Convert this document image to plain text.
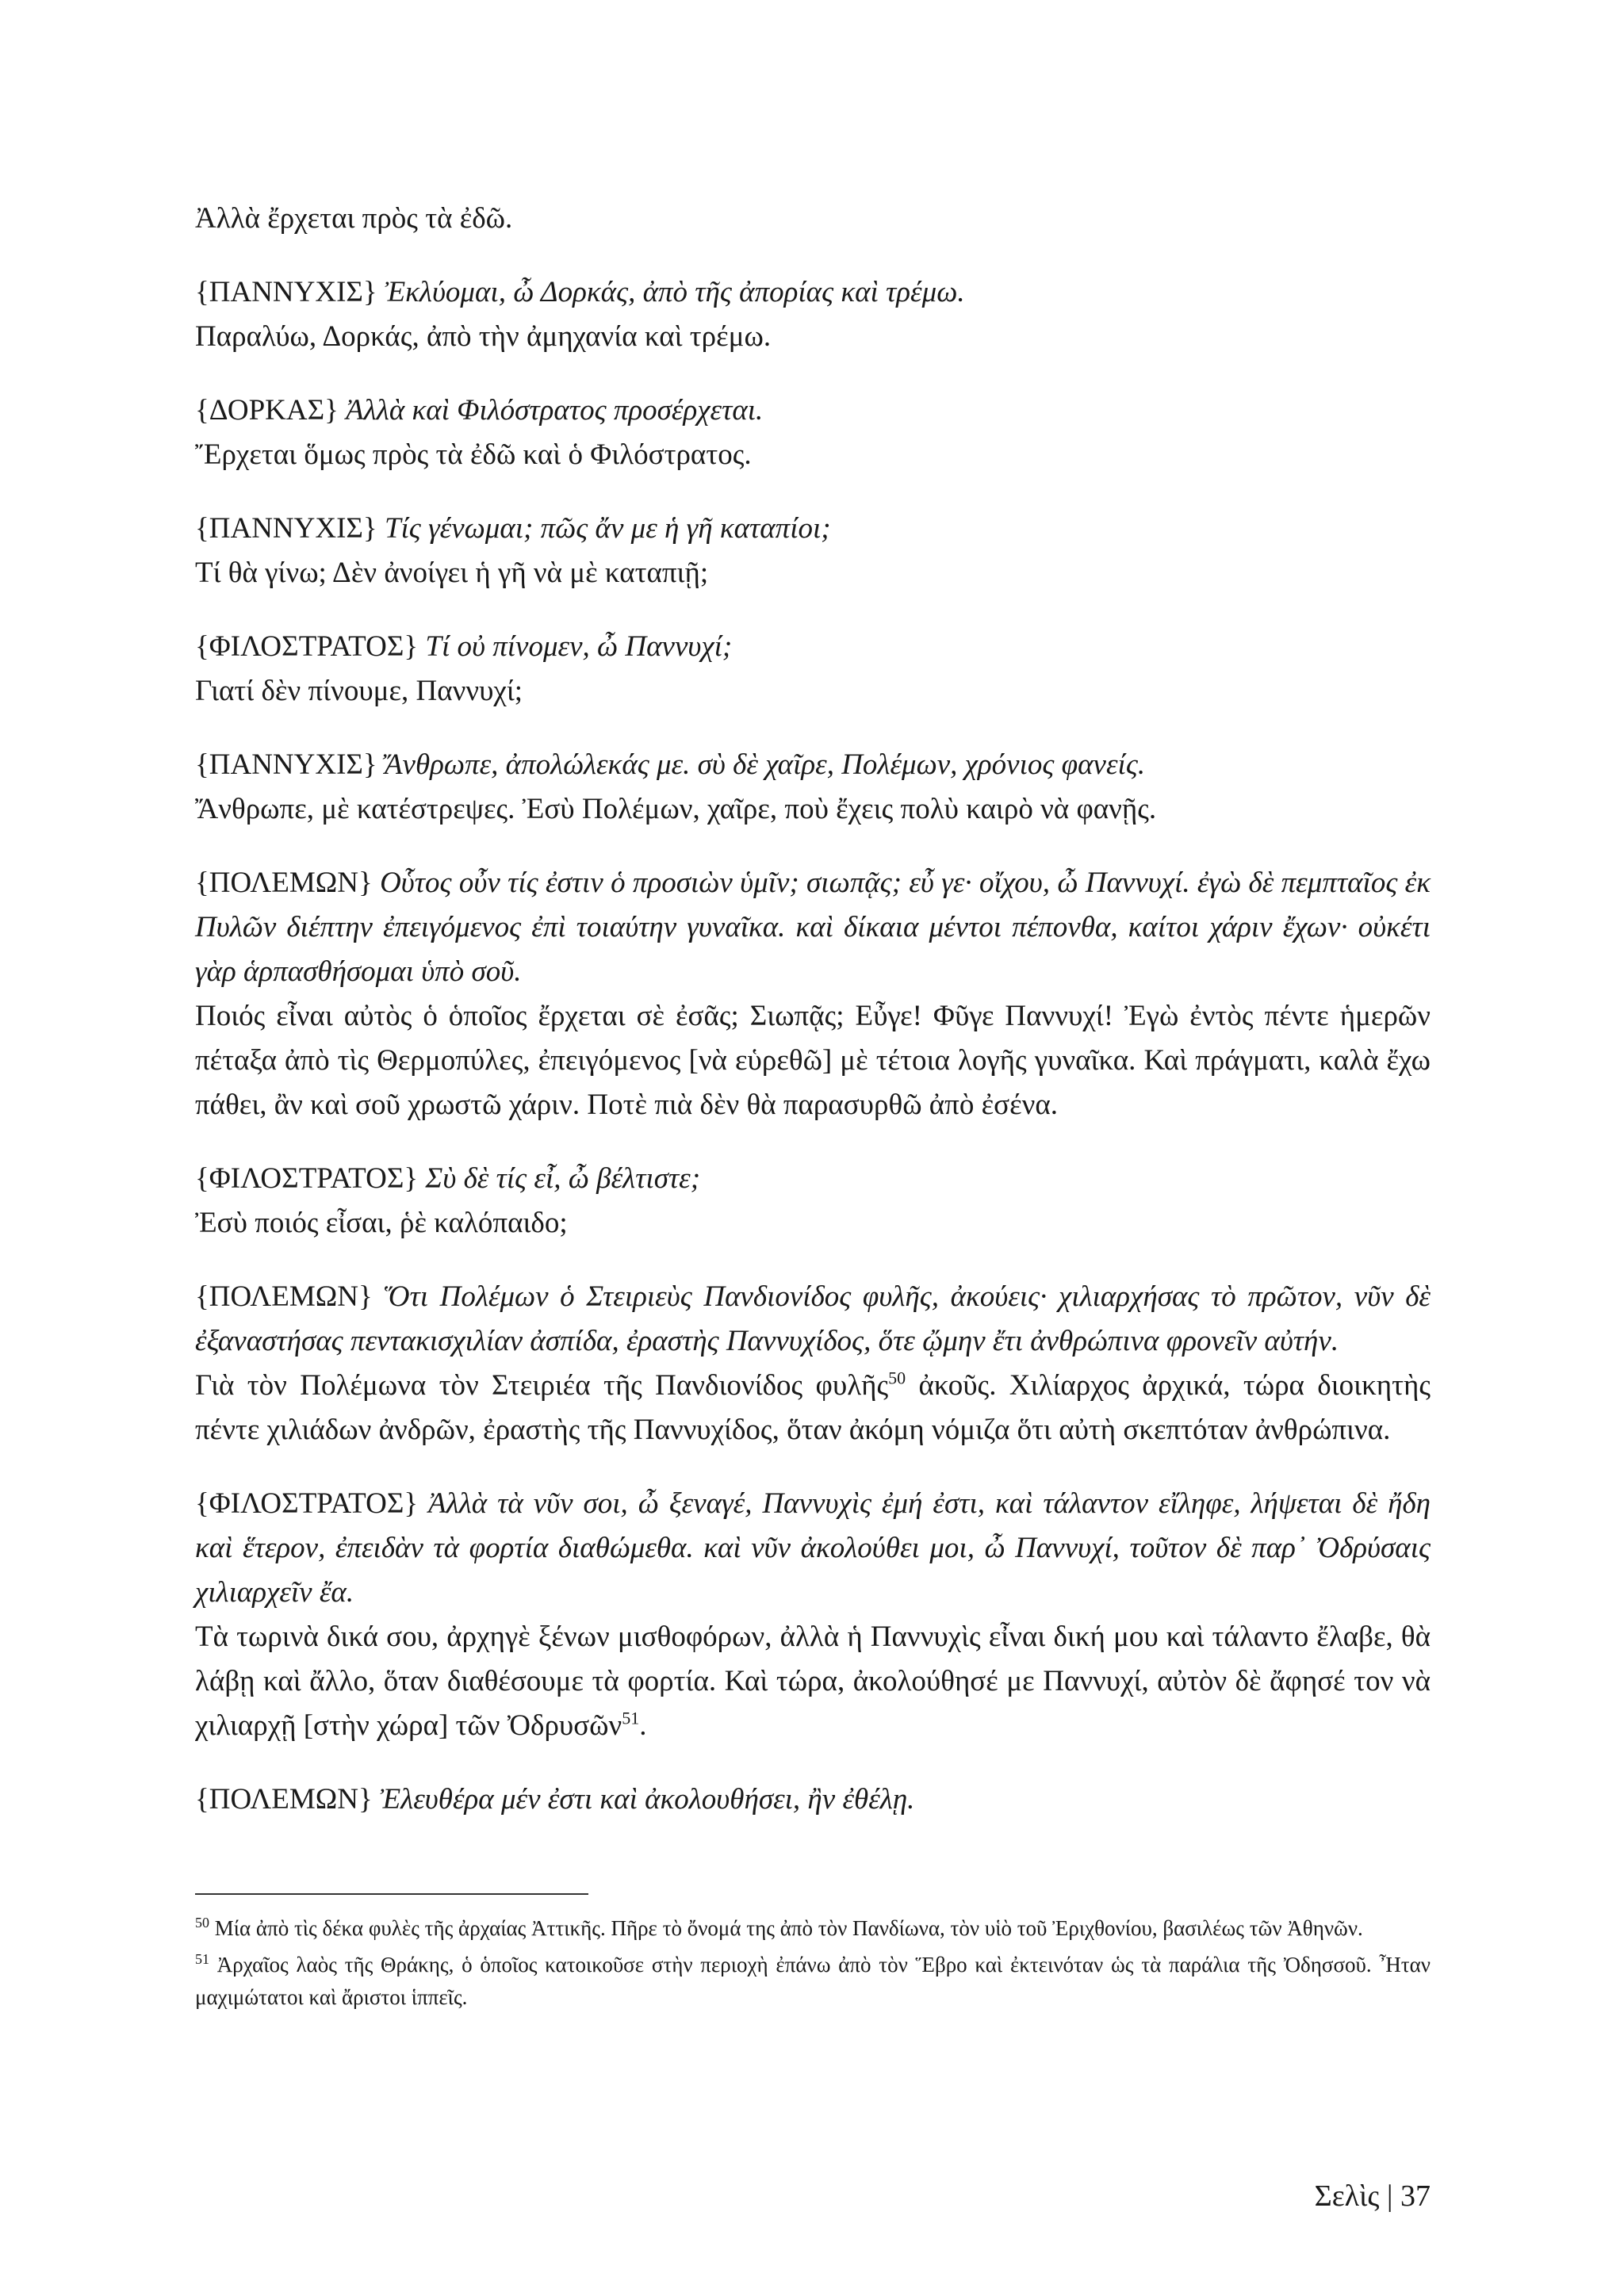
Ἀλλὰ ἔρχεται πρὸς τὰ ἐδῶ.

{ΠΑΝΝΥΧΙΣ} Ἐκλύομαι, ὦ Δορκάς, ἀπὸ τῆς ἀπορίας καὶ τρέμω.
Παραλύω, Δορκάς, ἀπὸ τὴν ἀμηχανία καὶ τρέμω.

{ΔΟΡΚΑΣ} Ἀλλὰ καὶ Φιλόστρατος προσέρχεται.
Ἔρχεται ὅμως πρὸς τὰ ἐδῶ καὶ ὁ Φιλόστρατος.

{ΠΑΝΝΥΧΙΣ} Τίς γένωμαι; πῶς ἄν με ἡ γῆ καταπίοι;
Τί θὰ γίνω; Δὲν ἀνοίγει ἡ γῆ νὰ μὲ καταπιῇ;

{ΦΙΛΟΣΤΡΑΤΟΣ} Τί οὐ πίνομεν, ὦ Παννυχί;
Γιατί δὲν πίνουμε, Παννυχί;

{ΠΑΝΝΥΧΙΣ} Ἄνθρωπε, ἀπολώλεκάς με. σὺ δὲ χαῖρε, Πολέμων, χρόνιος φανείς.
Ἄνθρωπε, μὲ κατέστρεψες. Ἐσὺ Πολέμων, χαῖρε, ποὺ ἔχεις πολὺ καιρὸ νὰ φανῇς.

{ΠΟΛΕΜΩΝ} Οὗτος οὖν τίς ἐστιν ὁ προσιὼν ὑμῖν; σιωπᾷς; εὖ γε· οἴχου, ὦ Παννυχί. ἐγὼ δὲ πεμπταῖος ἐκ Πυλῶν διέπτην ἐπειγόμενος ἐπὶ τοιαύτην γυναῖκα. καὶ δίκαια μέντοι πέπονθα, καίτοι χάριν ἔχων· οὐκέτι γὰρ ἁρπασθήσομαι ὑπὸ σοῦ.
Ποιός εἶναι αὐτὸς ὁ ὁποῖος ἔρχεται σὲ ἐσᾶς; Σιωπᾷς; Εὖγε! Φῦγε Παννυχί! Ἐγὼ ἐντὸς πέντε ἡμερῶν πέταξα ἀπὸ τὶς Θερμοπύλες, ἐπειγόμενος [νὰ εὑρεθῶ] μὲ τέτοια λογῆς γυναῖκα. Καὶ πράγματι, καλὰ ἔχω πάθει, ἂν καὶ σοῦ χρωστῶ χάριν. Ποτὲ πιὰ δὲν θὰ παρασυρθῶ ἀπὸ ἐσένα.

{ΦΙΛΟΣΤΡΑΤΟΣ} Σὺ δὲ τίς εἶ, ὦ βέλτιστε;
Ἐσὺ ποιός εἶσαι, ῥὲ καλόπαιδο;

{ΠΟΛΕΜΩΝ} Ὅτι Πολέμων ὁ Στειριεὺς Πανδιονίδος φυλῆς, ἀκούεις· χιλιαρχήσας τὸ πρῶτον, νῦν δὲ ἐξαναστήσας πεντακισχιλίαν ἀσπίδα, ἐραστὴς Παννυχίδος, ὅτε ᾤμην ἔτι ἀνθρώπινα φρονεῖν αὐτήν.
Γιὰ τὸν Πολέμωνα τὸν Στειριέα τῆς Πανδιονίδος φυλῆς$^{50}$ ἀκοῦς. Χιλίαρχος ἀρχικά, τώρα διοικητὴς πέντε χιλιάδων ἀνδρῶν, ἐραστὴς τῆς Παννυχίδος, ὅταν ἀκόμη νόμιζα ὅτι αὐτὴ σκεπτόταν ἀνθρώπινα.

{ΦΙΛΟΣΤΡΑΤΟΣ} Ἀλλὰ τὰ νῦν σοι, ὦ ξεναγέ, Παννυχὶς ἐμή ἐστι, καὶ τάλαντον εἴληφε, λήψεται δὲ ἤδη καὶ ἕτερον, ἐπειδὰν τὰ φορτία διαθώμεθα. καὶ νῦν ἀκολούθει μοι, ὦ Παννυχί, τοῦτον δὲ παρ᾽ Ὀδρύσαις χιλιαρχεῖν ἔα.
Τὰ τωρινὰ δικά σου, ἀρχηγὲ ξένων μισθοφόρων, ἀλλὰ ἡ Παννυχὶς εἶναι δική μου καὶ τάλαντο ἔλαβε, θὰ λάβῃ καὶ ἄλλο, ὅταν διαθέσουμε τὰ φορτία. Καὶ τώρα, ἀκολούθησέ με Παννυχί, αὐτὸν δὲ ἄφησέ τον νὰ χιλιαρχῇ [στὴν χώρα] τῶν Ὀδρυσῶν$^{51}$.

{ΠΟΛΕΜΩΝ} Ἐλευθέρα μέν ἐστι καὶ ἀκολουθήσει, ἢν ἐθέλῃ.

$^{50}$ Μία ἀπὸ τὶς δέκα φυλὲς τῆς ἀρχαίας Ἀττικῆς. Πῆρε τὸ ὄνομά της ἀπὸ τὸν Πανδίωνα, τὸν υἱὸ τοῦ Ἐριχθονίου, βασιλέως τῶν Ἀθηνῶν.

$^{51}$ Ἀρχαῖος λαὸς τῆς Θράκης, ὁ ὁποῖος κατοικοῦσε στὴν περιοχὴ ἐπάνω ἀπὸ τὸν Ἕβρο καὶ ἐκτεινόταν ὡς τὰ παράλια τῆς Ὀδησσοῦ. Ἦταν μαχιμώτατοι καὶ ἄριστοι ἱππεῖς.

Σελὶς | 37
